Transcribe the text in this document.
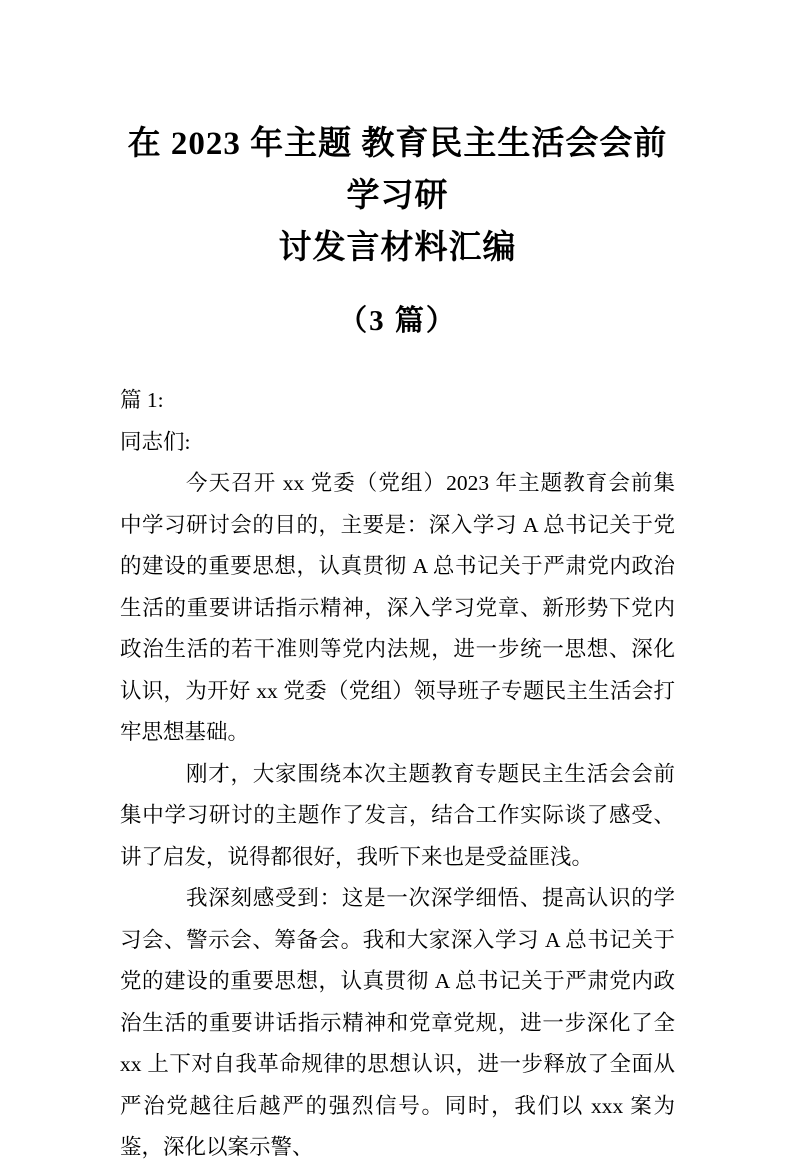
在 2023 年主题 教育民主生活会会前学习研
讨发言材料汇编
（3 篇）

篇 1:

同志们:

今天召开 xx 党委（党组）2023 年主题教育会前集中学习研讨会的目的，主要是：深入学习 A 总书记关于党的建设的重要思想，认真贯彻 A 总书记关于严肃党内政治生活的重要讲话指示精神，深入学习党章、新形势下党内政治生活的若干准则等党内法规，进一步统一思想、深化认识，为开好 xx 党委（党组）领导班子专题民主生活会打牢思想基础。

刚才，大家围绕本次主题教育专题民主生活会会前集中学习研讨的主题作了发言，结合工作实际谈了感受、讲了启发，说得都很好，我听下来也是受益匪浅。

我深刻感受到：这是一次深学细悟、提高认识的学习会、警示会、筹备会。我和大家深入学习 A 总书记关于党的建设的重要思想，认真贯彻 A 总书记关于严肃党内政治生活的重要讲话指示精神和党章党规，进一步深化了全 xx 上下对自我革命规律的思想认识，进一步释放了全面从严治党越往后越严的强烈信号。同时，我们以 xxx 案为鉴，深化以案示警、
